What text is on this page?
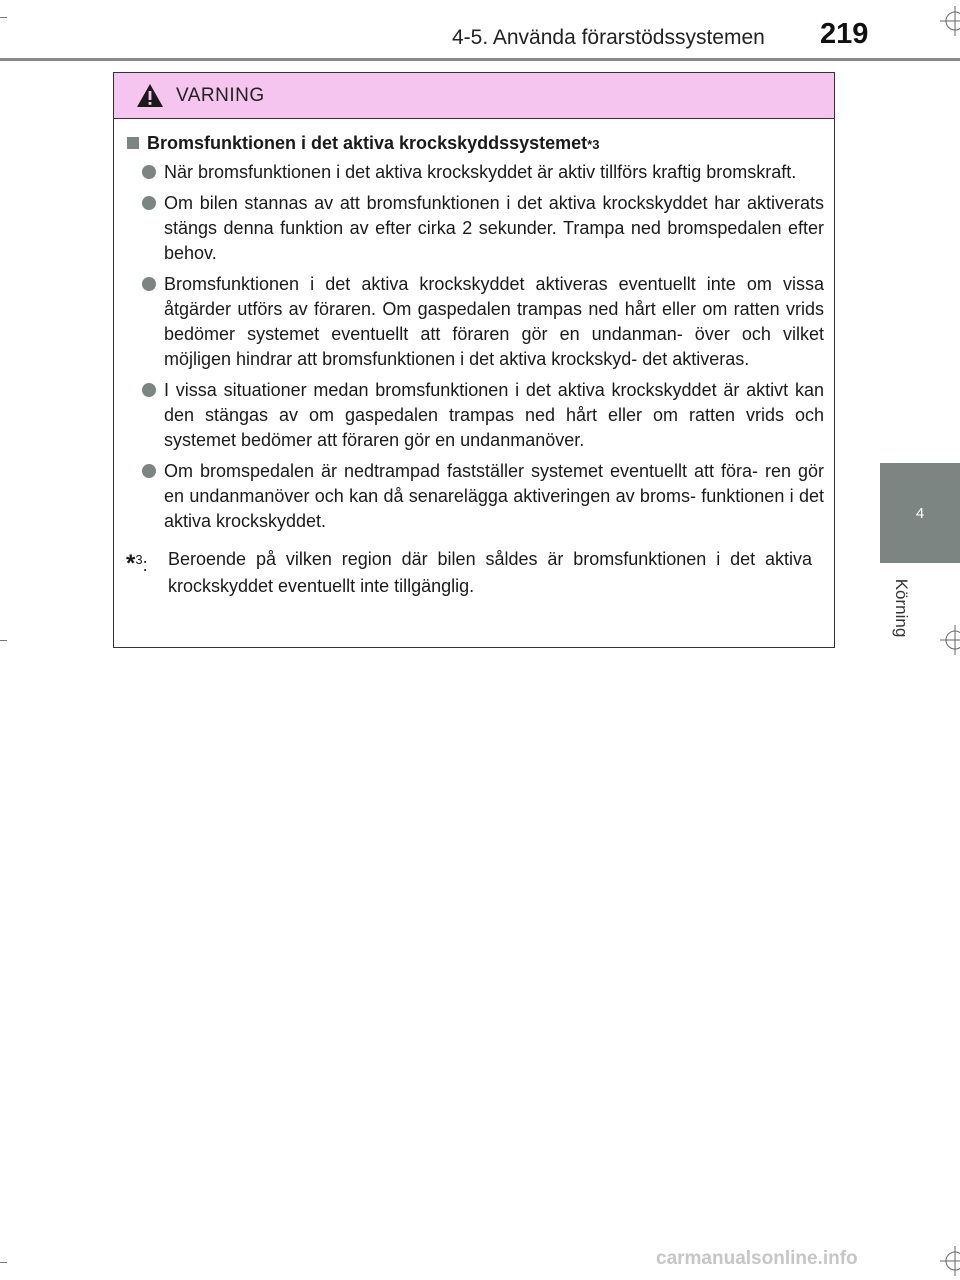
4-5. Använda förarstödssystemen 219
4
Körning
VARNING
Bromsfunktionen i det aktiva krockskyddssystemet *3
När bromsfunktionen i det aktiva krockskyddet är aktiv tillförs kraftig bromskraft.
Om bilen stannas av att bromsfunktionen i det aktiva krockskyddet har aktiverats stängs denna funktion av efter cirka 2 sekunder. Trampa ned bromspedalen efter behov.
Bromsfunktionen i det aktiva krockskyddet aktiveras eventuellt inte om vissa åtgärder utförs av föraren. Om gaspedalen trampas ned hårt eller om ratten vrids bedömer systemet eventuellt att föraren gör en undanman- över och vilket möjligen hindrar att bromsfunktionen i det aktiva krockskyd- det aktiveras.
I vissa situationer medan bromsfunktionen i det aktiva krockskyddet är aktivt kan den stängas av om gaspedalen trampas ned hårt eller om ratten vrids och systemet bedömer att föraren gör en undanmanöver.
Om bromspedalen är nedtrampad fastställer systemet eventuellt att föra- ren gör en undanmanöver och kan då senarelägga aktiveringen av broms- funktionen i det aktiva krockskyddet.
*$^3$:	Beroende på vilken region där bilen såldes är bromsfunktionen i det aktiva krockskyddet eventuellt inte tillgänglig.
carmanualsonline.info
